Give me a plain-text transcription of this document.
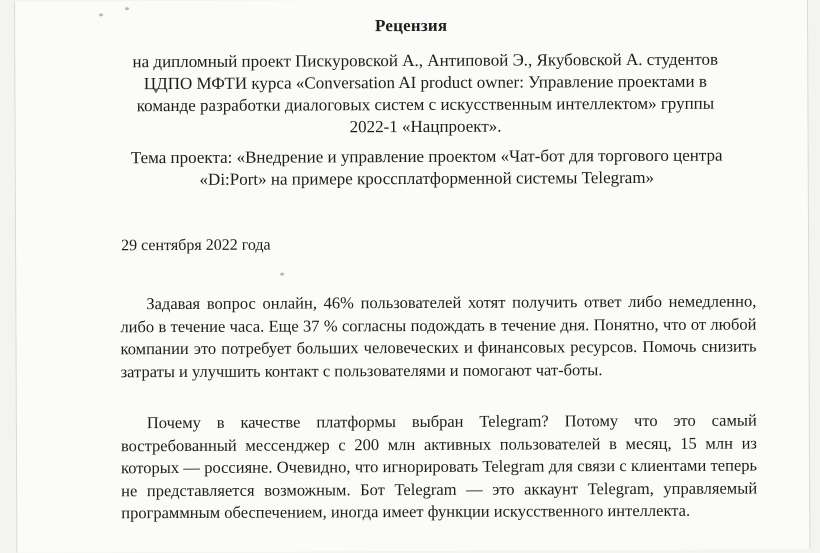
Рецензия
на дипломный проект Пискуровской А., Антиповой Э., Якубовской А. студентов ЦДПО МФТИ курса «Conversation AI product owner: Управление проектами в команде разработки диалоговых систем с искусственным интеллектом» группы 2022-1 «Нацпроект».
Тема проекта: «Внедрение и управление проектом «Чат-бот для торгового центра «Di:Port» на примере кроссплатформенной системы Telegram»
29 сентября 2022 года
Задавая вопрос онлайн, 46% пользователей хотят получить ответ либо немедленно, либо в течение часа. Еще 37 % согласны подождать в течение дня. Понятно, что от любой компании это потребует больших человеческих и финансовых ресурсов. Помочь снизить затраты и улучшить контакт с пользователями и помогают чат-боты.
Почему в качестве платформы выбран Telegram? Потому что это самый востребованный мессенджер с 200 млн активных пользователей в месяц, 15 млн из которых — россияне. Очевидно, что игнорировать Telegram для связи с клиентами теперь не представляется возможным. Бот Telegram — это аккаунт Telegram, управляемый программным обеспечением, иногда имеет функции искусственного интеллекта.
